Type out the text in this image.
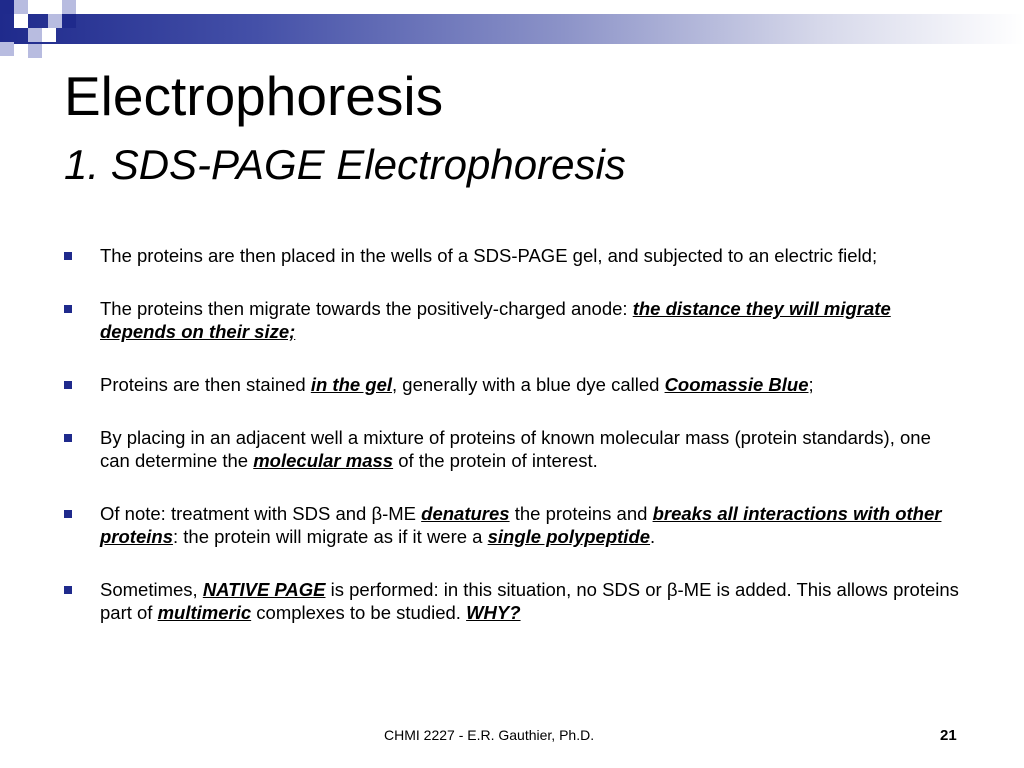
Electrophoresis
1. SDS-PAGE Electrophoresis
The proteins are then placed in the wells of a SDS-PAGE gel, and subjected to an electric field;
The proteins then migrate towards the positively-charged anode: the distance they will migrate depends on their size;
Proteins are then stained in the gel, generally with a blue dye called Coomassie Blue;
By placing in an adjacent well a mixture of proteins of known molecular mass (protein standards), one can determine the molecular mass of the protein of interest.
Of note: treatment with SDS and β-ME denatures the proteins and breaks all interactions with other proteins: the protein will migrate as if it were a single polypeptide.
Sometimes, NATIVE PAGE is performed: in this situation, no SDS or β-ME is added. This allows proteins part of multimeric complexes to be studied. WHY?
CHMI 2227 - E.R. Gauthier, Ph.D.	21
